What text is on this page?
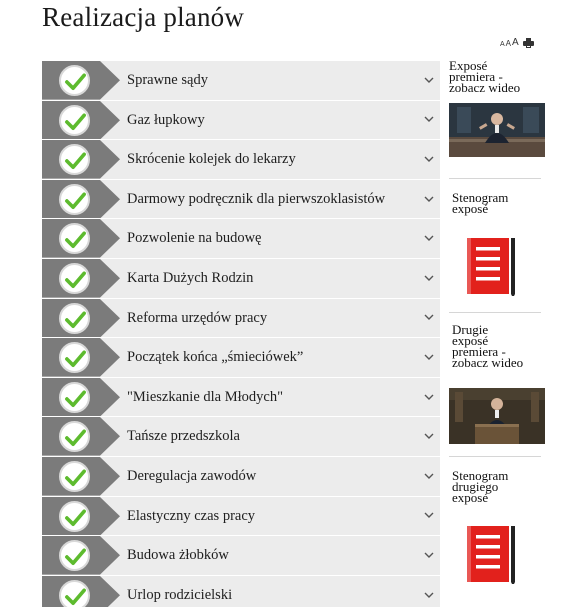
Realizacja planów
A A A
Sprawne sądy
Gaz łupkowy
Skrócenie kolejek do lekarzy
Darmowy podręcznik dla pierwszoklasistów
Pozwolenie na budowę
Karta Dużych Rodzin
Reforma urzędów pracy
Początek końca „śmieciówek”
"Mieszkanie dla Młodych"
Tańsze przedszkola
Deregulacja zawodów
Elastyczny czas pracy
Budowa żłobków
Urlop rodzicielski
Exposé
premiera -
zobacz wideo
Stenogram
exposé
Drugie
exposé
premiera -
zobacz wideo
Stenogram
drugiego
exposé
